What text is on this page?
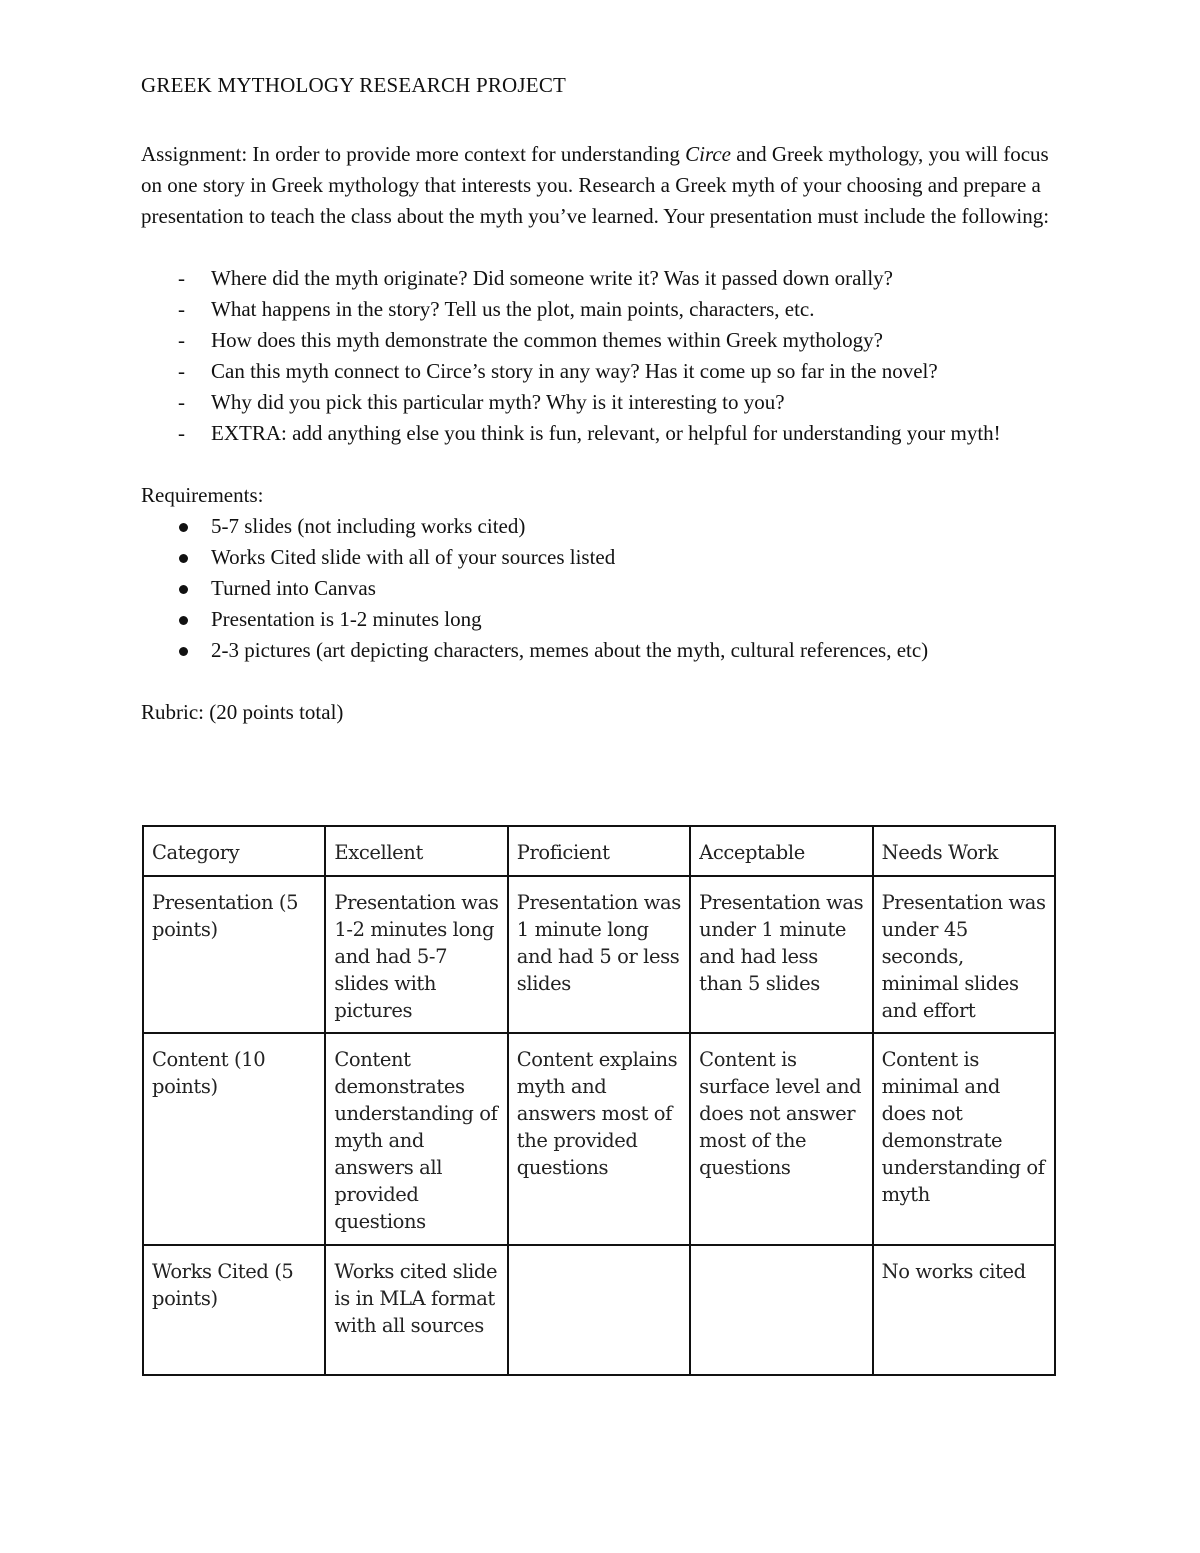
GREEK MYTHOLOGY RESEARCH PROJECT

Assignment: In order to provide more context for understanding Circe and Greek mythology, you will focus on one story in Greek mythology that interests you. Research a Greek myth of your choosing and prepare a presentation to teach the class about the myth you’ve learned. Your presentation must include the following:

- Where did the myth originate? Did someone write it? Was it passed down orally?
- What happens in the story? Tell us the plot, main points, characters, etc.
- How does this myth demonstrate the common themes within Greek mythology?
- Can this myth connect to Circe’s story in any way? Has it come up so far in the novel?
- Why did you pick this particular myth? Why is it interesting to you?
- EXTRA: add anything else you think is fun, relevant, or helpful for understanding your myth!

Requirements:

5-7 slides (not including works cited)
Works Cited slide with all of your sources listed
Turned into Canvas
Presentation is 1-2 minutes long
2-3 pictures (art depicting characters, memes about the myth, cultural references, etc)

Rubric: (20 points total)

Category	Excellent	Proficient	Acceptable	Needs Work
Presentation (5 points)	Presentation was 1-2 minutes long and had 5-7 slides with pictures	Presentation was 1 minute long and had 5 or less slides	Presentation was under 1 minute and had less than 5 slides	Presentation was under 45 seconds, minimal slides and effort
Content (10 points)	Content demonstrates understanding of myth and answers all provided questions	Content explains myth and answers most of the provided questions	Content is surface level and does not answer most of the questions	Content is minimal and does not demonstrate understanding of myth
Works Cited (5 points)	Works cited slide is in MLA format with all sources			No works cited
